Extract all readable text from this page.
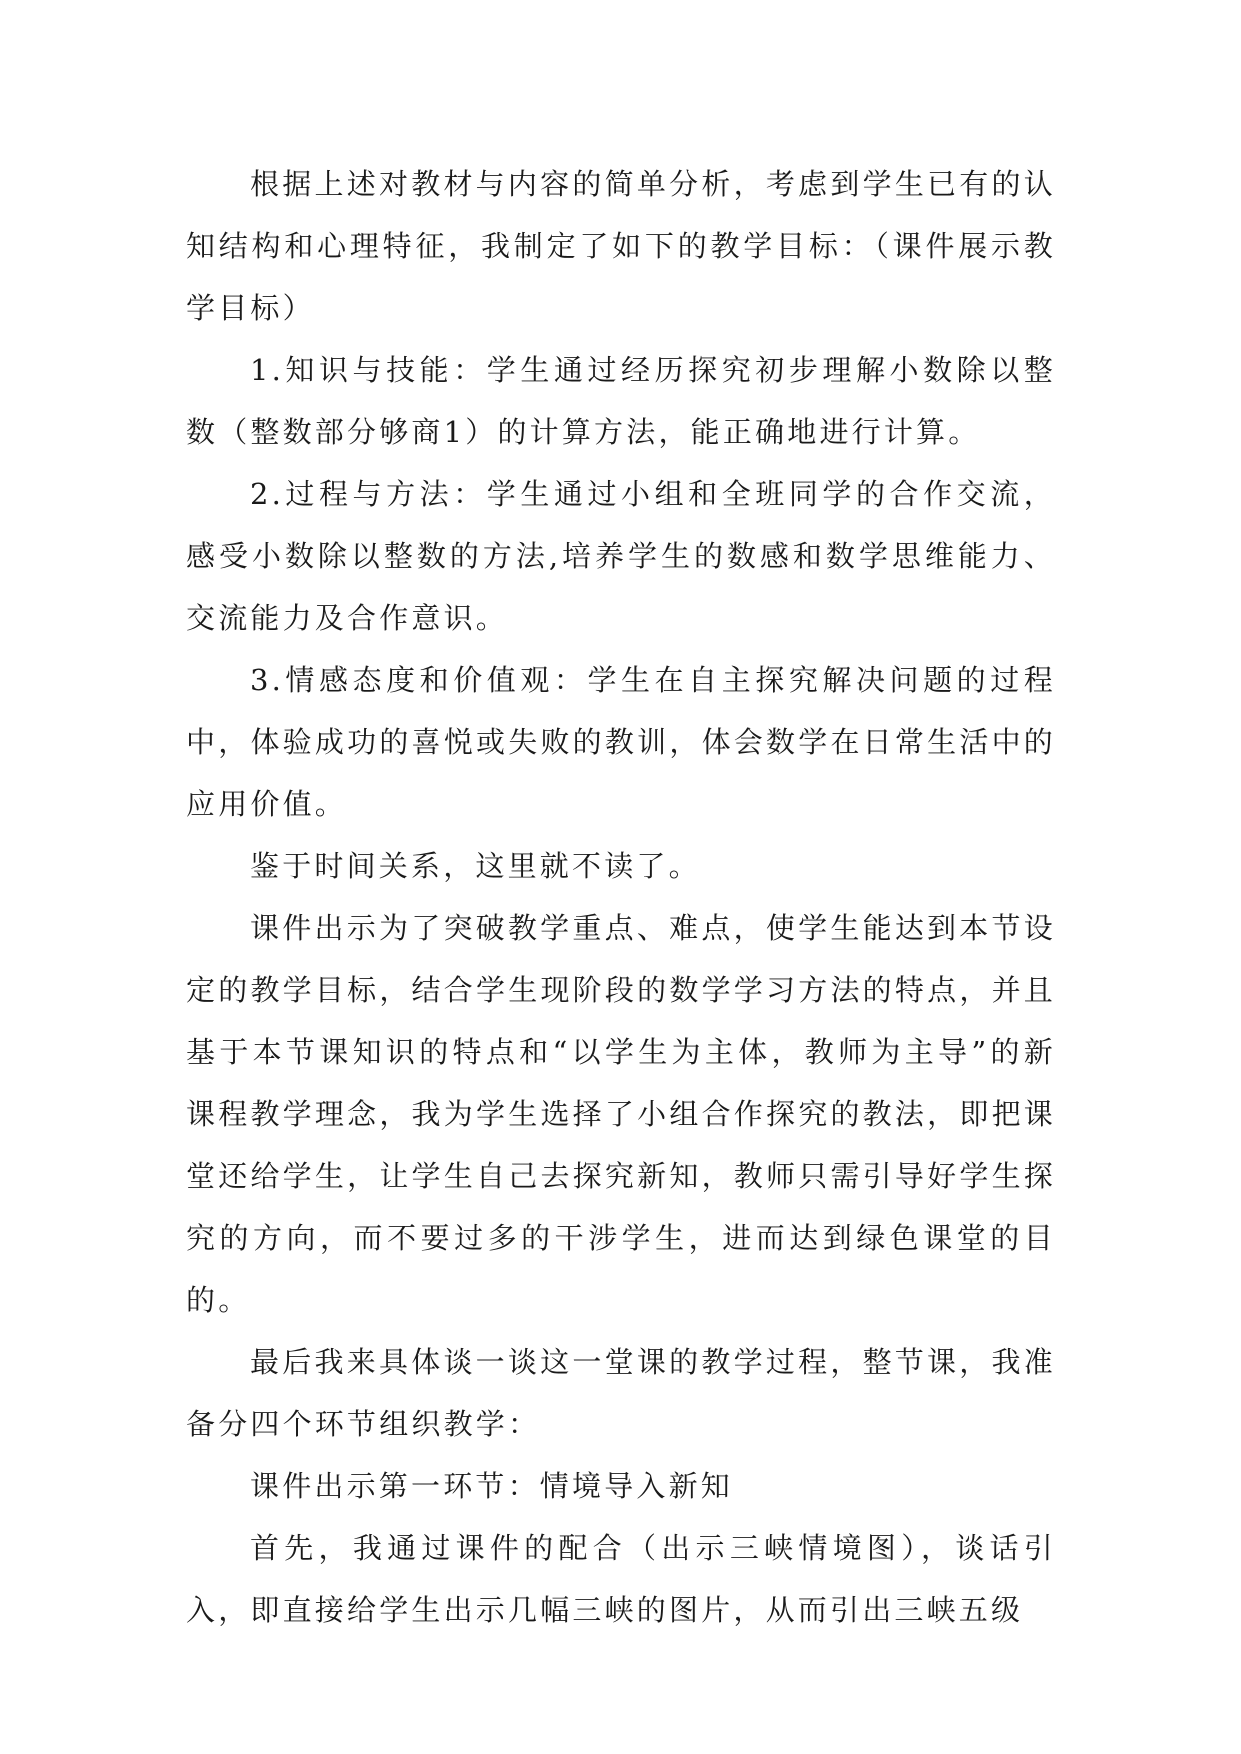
根据上述对教材与内容的简单分析，考虑到学生已有的认知结构和心理特征，我制定了如下的教学目标：（课件展示教学目标）

1.知识与技能：学生通过经历探究初步理解小数除以整数（整数部分够商1）的计算方法，能正确地进行计算。

2.过程与方法：学生通过小组和全班同学的合作交流，感受小数除以整数的方法,培养学生的数感和数学思维能力、交流能力及合作意识。

3.情感态度和价值观：学生在自主探究解决问题的过程中，体验成功的喜悦或失败的教训，体会数学在日常生活中的应用价值。

鉴于时间关系，这里就不读了。

课件出示为了突破教学重点、难点，使学生能达到本节设定的教学目标，结合学生现阶段的数学学习方法的特点，并且基于本节课知识的特点和“以学生为主体，教师为主导”的新课程教学理念，我为学生选择了小组合作探究的教法，即把课堂还给学生，让学生自己去探究新知，教师只需引导好学生探究的方向，而不要过多的干涉学生，进而达到绿色课堂的目的。

最后我来具体谈一谈这一堂课的教学过程，整节课，我准备分四个环节组织教学：

课件出示第一环节：情境导入新知

首先，我通过课件的配合（出示三峡情境图），谈话引入，即直接给学生出示几幅三峡的图片，从而引出三峡五级
